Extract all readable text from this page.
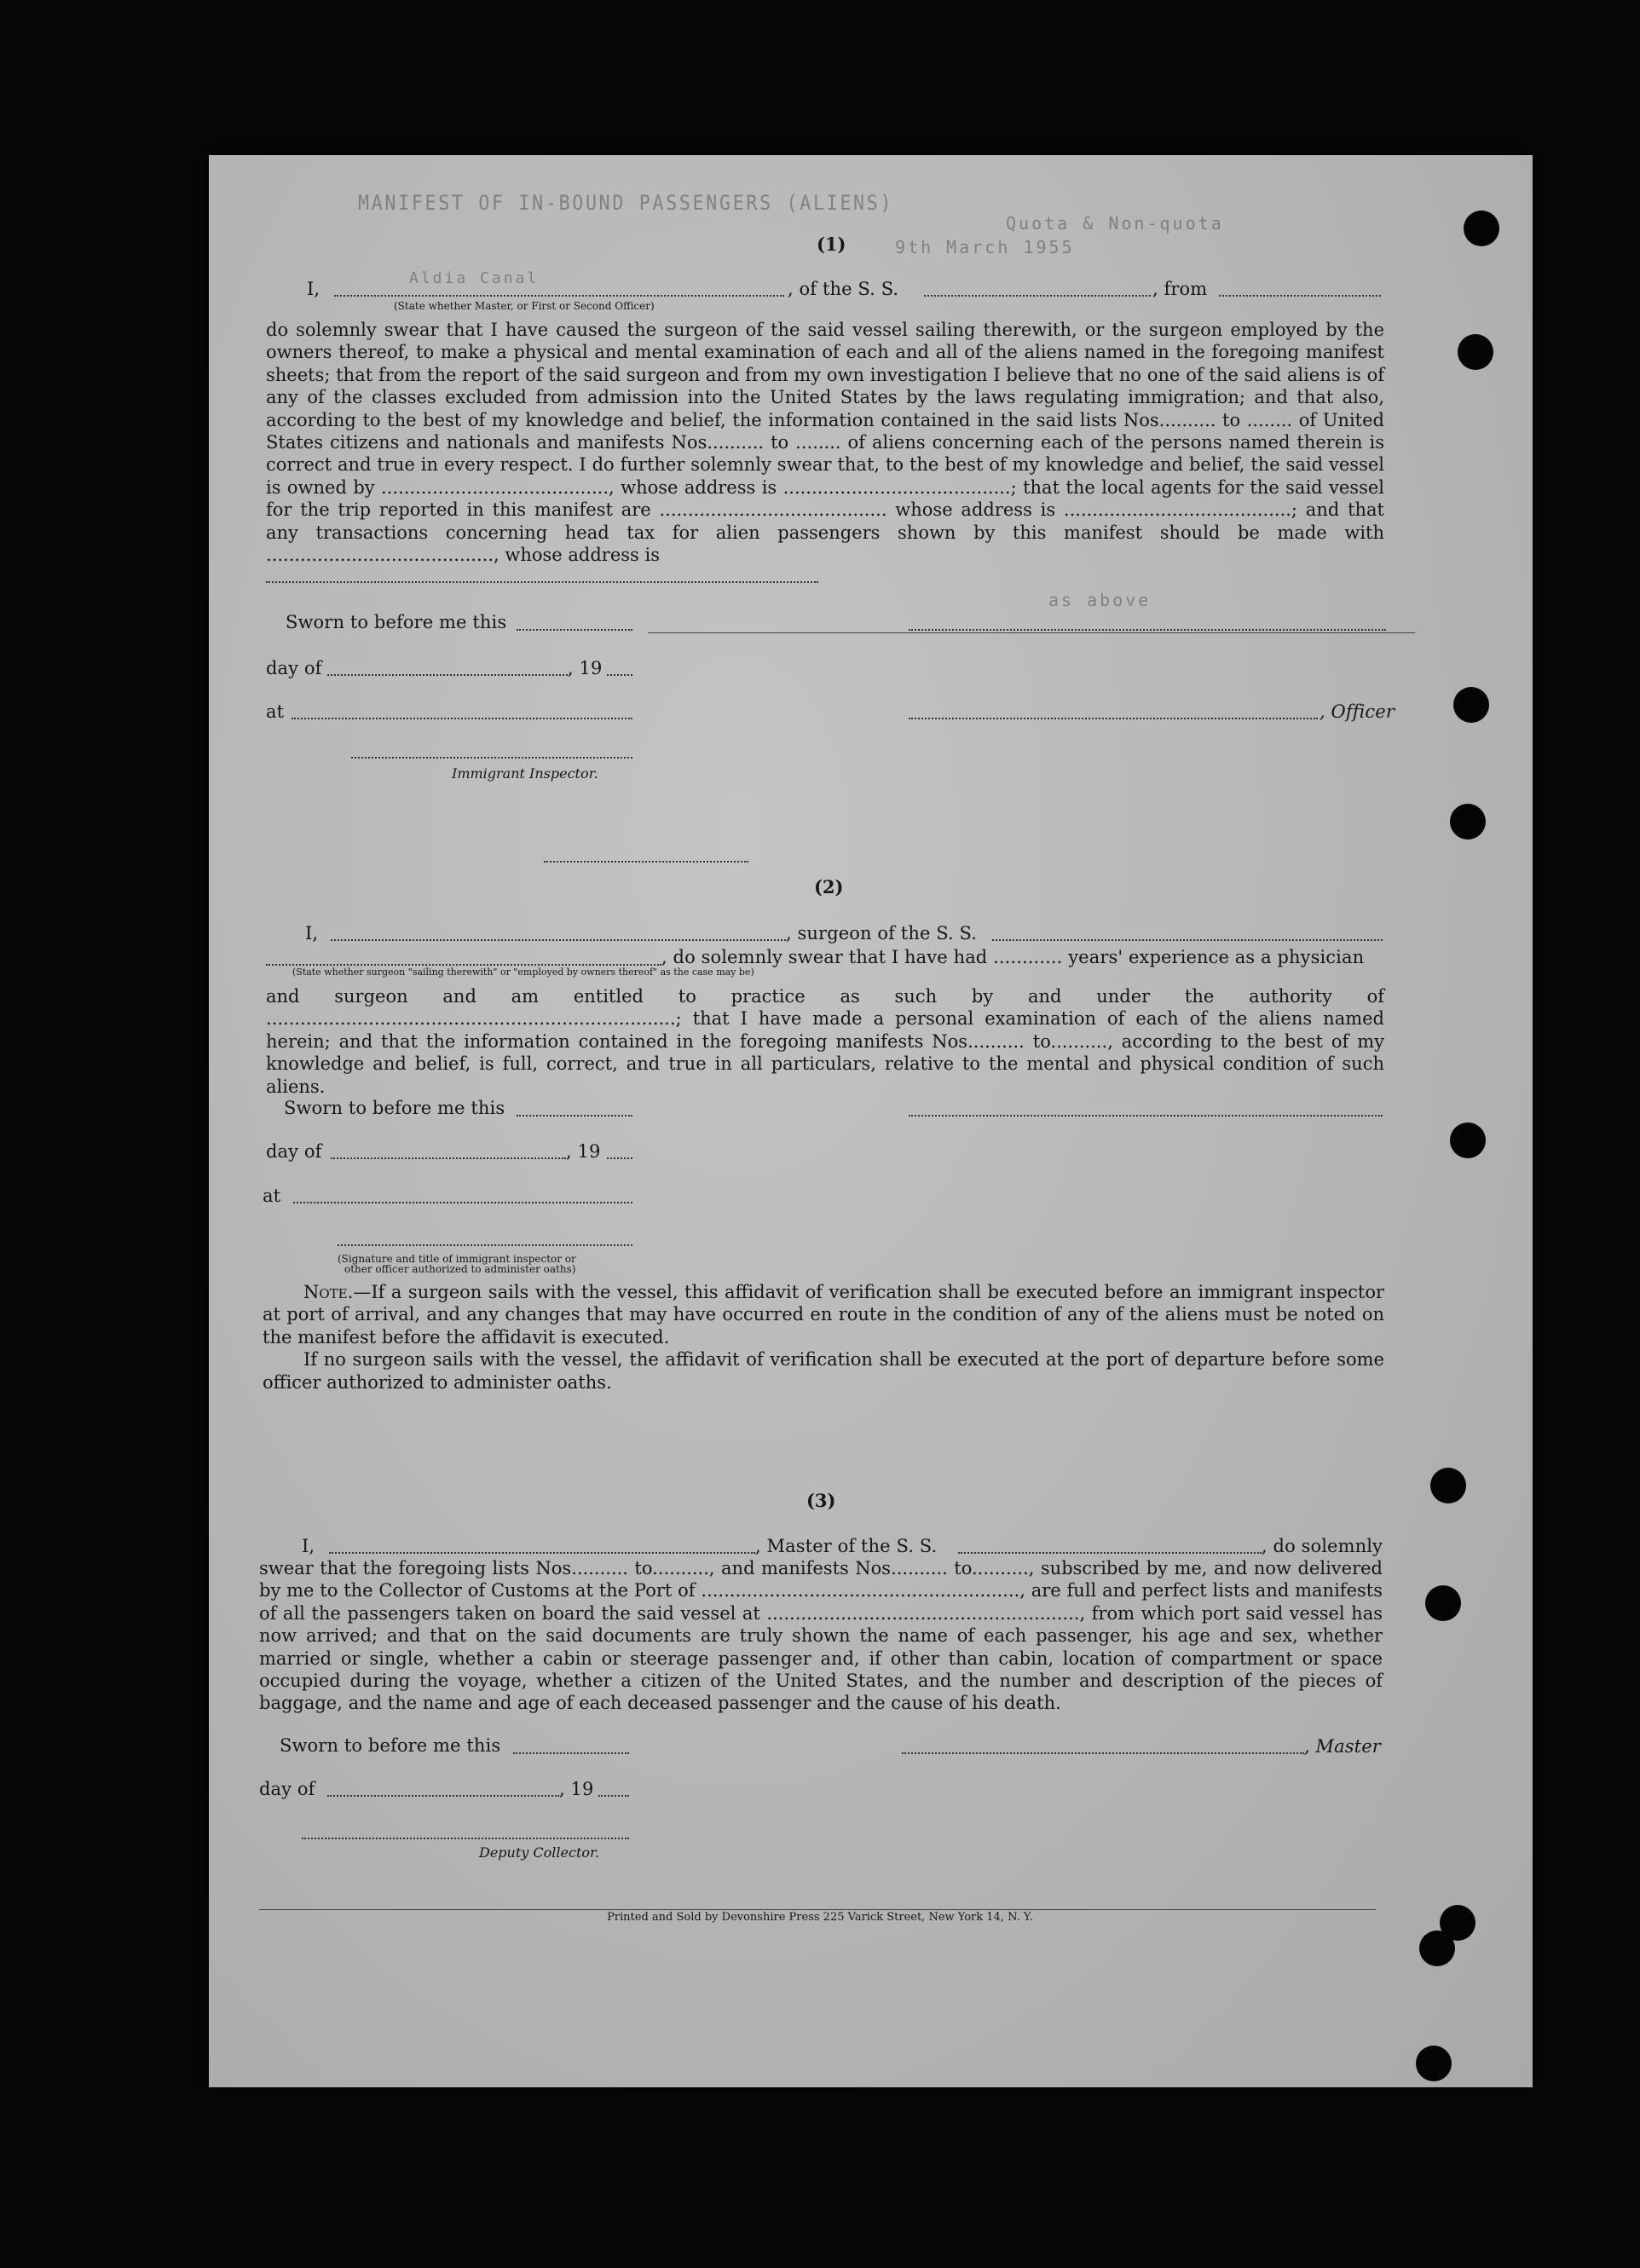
MANIFEST OF IN-BOUND PASSENGERS (ALIENS)
Quota & Non-quota
9th March 1955
Aldia Canal
as above
(1)
I,	, of the S. S.	, from
(State whether Master, or First or Second Officer)

do solemnly swear that I have caused the surgeon of the said vessel sailing therewith, or the surgeon employed by the owners thereof, to make a physical and mental examination of each and all of the aliens named in the foregoing manifest sheets; that from the report of the said surgeon and from my own investigation I believe that no one of the said aliens is of any of the classes excluded from admission into the United States by the laws regulating immigration; and that also, according to the best of my knowledge and belief, the information contained in the said lists Nos.......... to ........ of United States citizens and nationals and manifests Nos.......... to ........ of aliens concerning each of the persons named therein is correct and true in every respect. I do further solemnly swear that, to the best of my knowledge and belief, the said vessel is owned by ........................................, whose address is ........................................; that the local agents for the said vessel for the trip reported in this manifest are ........................................ whose address is ........................................; and that any transactions concerning head tax for alien passengers shown by this manifest should be made with ........................................, whose address is

Sworn to before me this
day of	, 19
at	, Officer
Immigrant Inspector.
(2)
I,	, surgeon of the S. S.
, do solemnly swear that I have had ............ years' experience as a physician
(State whether surgeon "sailing therewith" or "employed by owners thereof" as the case may be)

and surgeon and am entitled to practice as such by and under the authority of ........................................................................; that I have made a personal examination of each of the aliens named herein; and that the information contained in the foregoing manifests Nos.......... to.........., according to the best of my knowledge and belief, is full, correct, and true in all particulars, relative to the mental and physical condition of such aliens.

Sworn to before me this
day of	, 19
at
(Signature and title of immigrant inspector or
other officer authorized to administer oaths)

Note.—If a surgeon sails with the vessel, this affidavit of verification shall be executed before an immigrant inspector at port of arrival, and any changes that may have occurred en route in the condition of any of the aliens must be noted on the manifest before the affidavit is executed.

If no surgeon sails with the vessel, the affidavit of verification shall be executed at the port of departure before some officer authorized to administer oaths.

(3)
I,	, Master of the S. S.	, do solemnly

swear that the foregoing lists Nos.......... to.........., and manifests Nos.......... to.........., subscribed by me, and now delivered by me to the Collector of Customs at the Port of ........................................................, are full and perfect lists and manifests of all the passengers taken on board the said vessel at ......................................................., from which port said vessel has now arrived; and that on the said documents are truly shown the name of each passenger, his age and sex, whether married or single, whether a cabin or steerage passenger and, if other than cabin, location of compartment or space occupied during the voyage, whether a citizen of the United States, and the number and description of the pieces of baggage, and the name and age of each deceased passenger and the cause of his death.

Sworn to before me this	, Master
day of	, 19
Deputy Collector.
Printed and Sold by Devonshire Press 225 Varick Street, New York 14, N. Y.
